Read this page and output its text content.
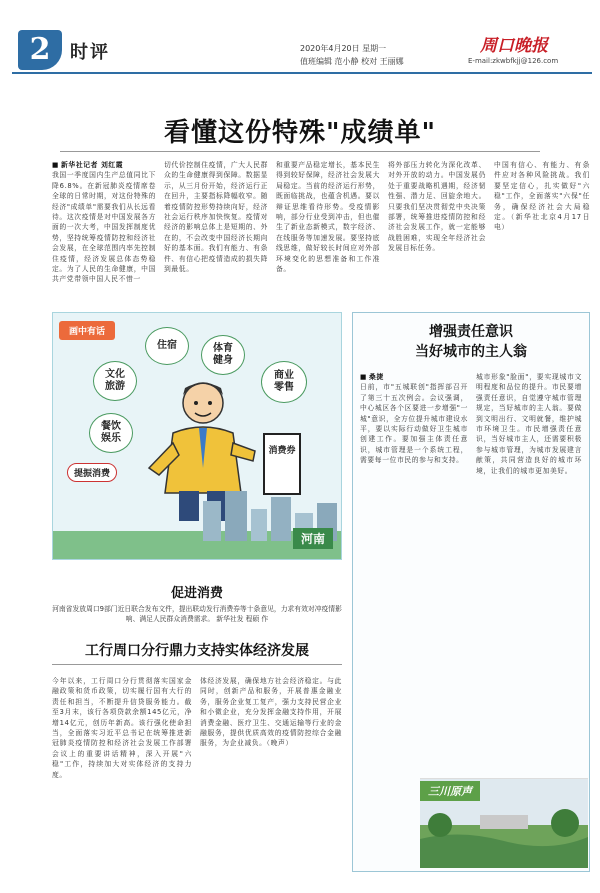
2	时评	2020年4月20日 星期一
值班编辑 范小静 校对 王丽娜
周口晚报
E-mail:zkwbfkjj@126.com
看懂这份特殊"成绩单"
■ 新华社记者 刘红霞
我国一季度国内生产总值同比下降6.8%。在新冠肺炎疫情席卷全球的日常时期，对这份特殊的经济"成绩单"需要我们从长远看待。这次疫情是对中国发展各方面的一次大考，中国发挥制度优势，坚持统筹疫情防控和经济社会发展，在全球范围内率先控制住疫情，经济发展总体态势稳定。为了人民的生命健康，中国共产党带领中国人民不惜一
切代价控制住疫情，广大人民群众的生命健康得到保障。数据显示，从三月份开始，经济运行正在回升，主要指标降幅收窄。随着疫情防控形势持续向好，经济社会运行秩序加快恢复。疫情对经济的影响总体上是短期的、外在的，不会改变中国经济长期向好的基本面。我们有能力、有条件、有信心把疫情造成的损失降到最低。
和重要产品稳定增长，基本民生得到较好保障，经济社会发展大局稳定。当前的经济运行形势，既面临挑战，也蕴含机遇。要以辩证思维看待形势。受疫情影响，部分行业受到冲击，但也催生了新业态新模式，数字经济、在线服务等加速发展。要坚持底线思维，做好较长时间应对外部环境变化的思想准备和工作准备。
将外部压力转化为深化改革、对外开放的动力。中国发展仍处于重要战略机遇期，经济韧性强、潜力足、回旋余地大。只要我们坚决贯彻党中央决策部署，统筹推进疫情防控和经济社会发展工作，就一定能够战胜困难，实现全年经济社会发展目标任务。
中国有信心、有能力、有条件应对各种风险挑战。我们要坚定信心，扎实做好"六稳"工作，全面落实"六保"任务，确保经济社会大局稳定。（新华社北京4月17日电）
画中有话
文化
旅游
住宿	体育
健身
商业
零售
餐饮
娱乐
消费券
提振消费
河南
促进消费
河南省发放周口9部门近日联合发布文件，提出联动发行消费券等十条意见，力求有效对冲疫情影响、满足人民群众消费需求。 新华社发 程硕 作
增强责任意识
当好城市的主人翁
■ 桑捷
日前，市"五城联创"指挥部召开了第三十五次例会。会议强调，中心城区各个区要进一步增强"一城"意识，全方位提升城市建设水平，要以实际行动做好卫生城市创建工作。要加强主体责任意识，城市管理是一个系统工程，需要每一位市民的参与和支持。
城市形象"脸面"，要实现城市文明程度和品位的提升。市民要增强责任意识，自觉遵守城市管理规定，当好城市的主人翁。要做到文明出行、文明就餐，维护城市环境卫生。市民增强责任意识，当好城市主人，还需要积极参与城市管理，为城市发展建言献策，共同营造良好的城市环境，让我们的城市更加美好。
三川原声
工行周口分行鼎力支持实体经济发展
今年以来，工行周口分行贯彻落实国家金融政策和货币政策，切实履行国有大行的责任和担当，不断提升信贷服务能力。截至3月末，该行各项贷款余额145亿元，净增14亿元，创历年新高。该行强化使命担当，全面落实习近平总书记在统筹推进新冠肺炎疫情防控和经济社会发展工作部署会议上的重要讲话精神，深入开展"六稳"工作，持续加大对实体经济的支持力度。
体经济发展，确保地方社会经济稳定。与此同时，创新产品和服务，开展普惠金融业务，服务企业复工复产，强力支持民营企业和小微企业，充分发挥金融支持作用，开展消费金融、医疗卫生、交通运输等行业的金融服务，提供优质高效的疫情防控综合金融服务，为企业减负。（晚声）
